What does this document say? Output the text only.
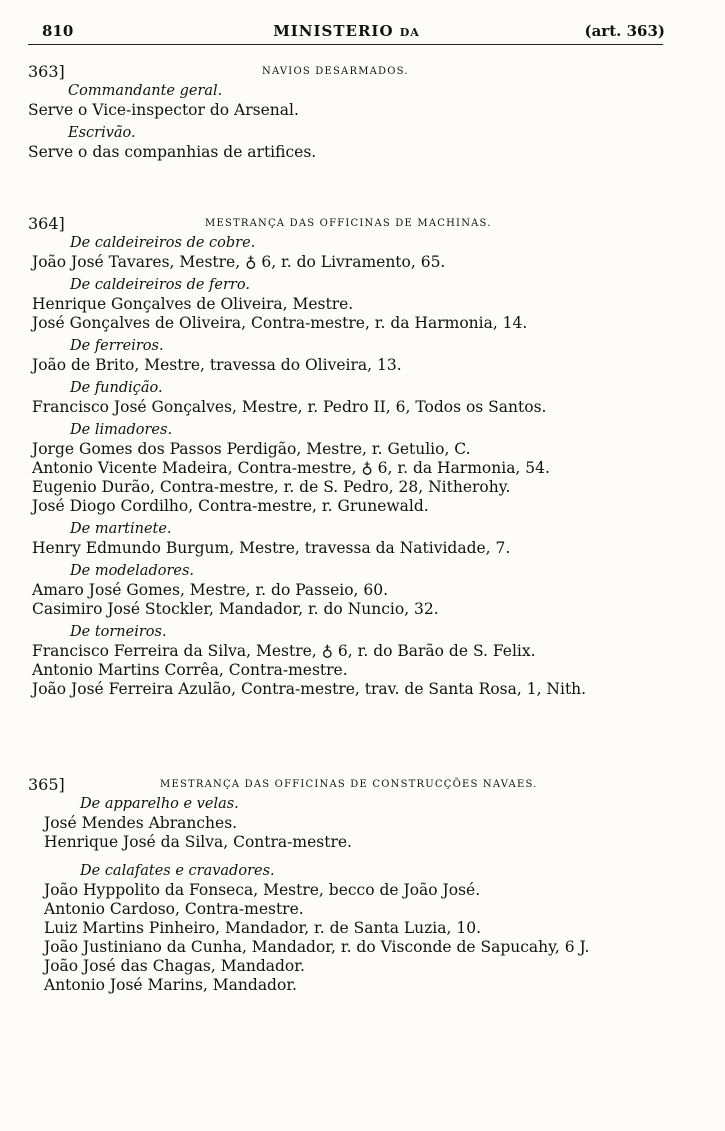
810	MINISTERIO da	(art. 363)
363]	NAVIOS DESARMADOS.
Commandante geral.
Serve o Vice-inspector do Arsenal.
Escrivão.
Serve o das companhias de artifices.
364]	MESTRANÇA DAS OFFICINAS DE MACHINAS.
De caldeireiros de cobre.
João José Tavares, Mestre, ♁ 6, r. do Livramento, 65.
De caldeireiros de ferro.
Henrique Gonçalves de Oliveira, Mestre.
José Gonçalves de Oliveira, Contra-mestre, r. da Harmonia, 14.
De ferreiros.
João de Brito, Mestre, travessa do Oliveira, 13.
De fundição.
Francisco José Gonçalves, Mestre, r. Pedro II, 6, Todos os Santos.
De limadores.
Jorge Gomes dos Passos Perdigão, Mestre, r. Getulio, C.
Antonio Vicente Madeira, Contra-mestre, ♁ 6, r. da Harmonia, 54.
Eugenio Durão, Contra-mestre, r. de S. Pedro, 28, Nitherohy.
José Diogo Cordilho, Contra-mestre, r. Grunewald.
De martinete.
Henry Edmundo Burgum, Mestre, travessa da Natividade, 7.
De modeladores.
Amaro José Gomes, Mestre, r. do Passeio, 60.
Casimiro José Stockler, Mandador, r. do Nuncio, 32.
De torneiros.
Francisco Ferreira da Silva, Mestre, ♁ 6, r. do Barão de S. Felix.
Antonio Martins Corrêa, Contra-mestre.
João José Ferreira Azulão, Contra-mestre, trav. de Santa Rosa, 1, Nith.
365]	MESTRANÇA DAS OFFICINAS DE CONSTRUCÇÕES NAVAES.
De apparelho e velas.
José Mendes Abranches.
Henrique José da Silva, Contra-mestre.
De calafates e cravadores.
João Hyppolito da Fonseca, Mestre, becco de João José.
Antonio Cardoso, Contra-mestre.
Luiz Martins Pinheiro, Mandador, r. de Santa Luzia, 10.
João Justiniano da Cunha, Mandador, r. do Visconde de Sapucahy, 6 J.
João José das Chagas, Mandador.
Antonio José Marins, Mandador.
